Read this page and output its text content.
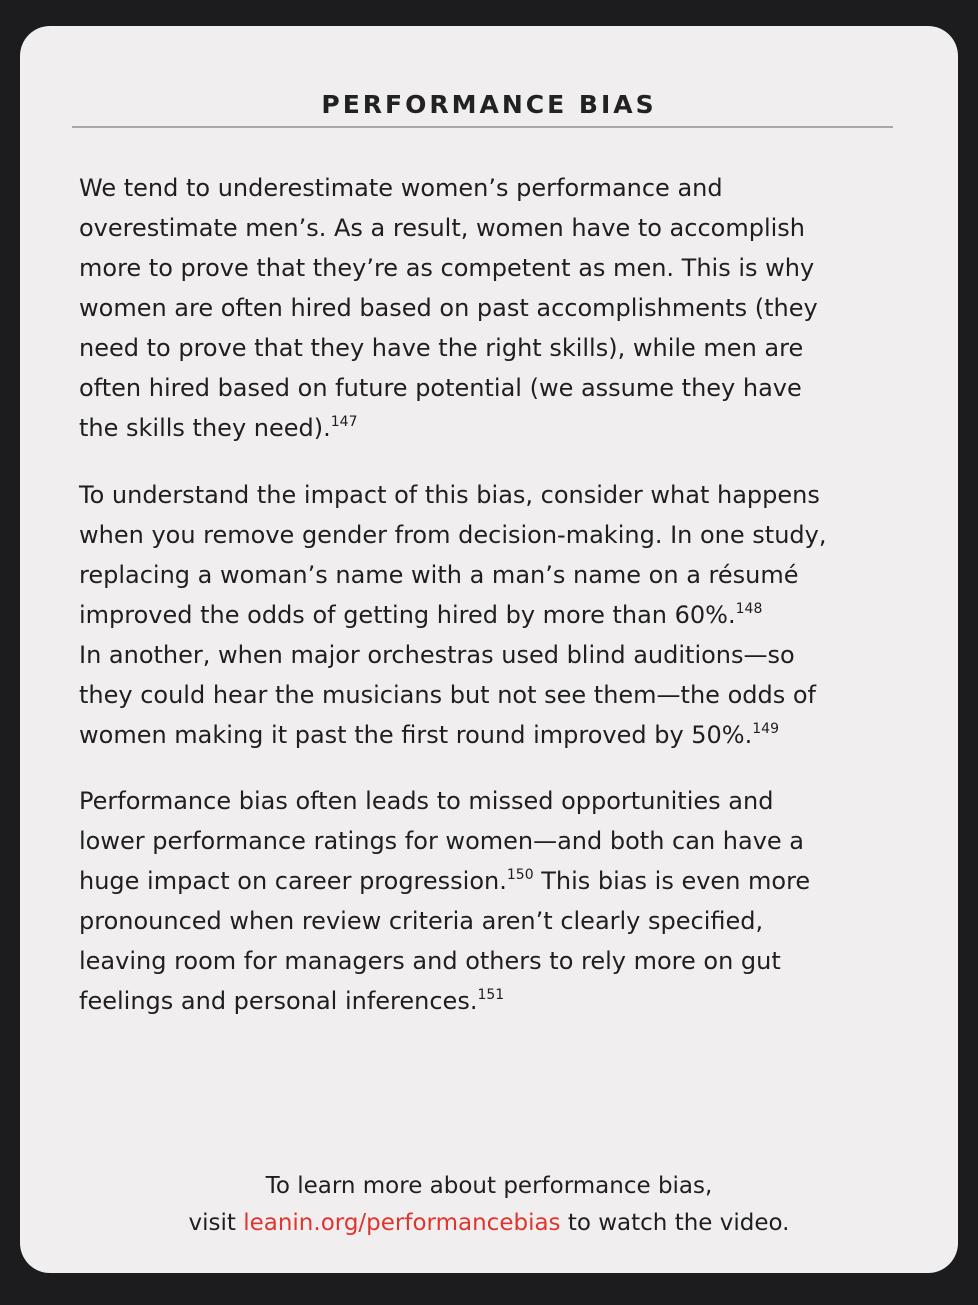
PERFORMANCE BIAS

We tend to underestimate women’s performance and
overestimate men’s. As a result, women have to accomplish
more to prove that they’re as competent as men. This is why
women are often hired based on past accomplishments (they
need to prove that they have the right skills), while men are
often hired based on future potential (we assume they have
the skills they need).$^{147}$

To understand the impact of this bias, consider what happens
when you remove gender from decision-making. In one study,
replacing a woman’s name with a man’s name on a résumé
improved the odds of getting hired by more than 60%.$^{148}$
In another, when major orchestras used blind auditions—so
they could hear the musicians but not see them—the odds of
women making it past the first round improved by 50%.$^{149}$

Performance bias often leads to missed opportunities and
lower performance ratings for women—and both can have a
huge impact on career progression.$^{150}$ This bias is even more
pronounced when review criteria aren’t clearly specified,
leaving room for managers and others to rely more on gut
feelings and personal inferences.$^{151}$

To learn more about performance bias,
visit leanin.org/performancebias to watch the video.
